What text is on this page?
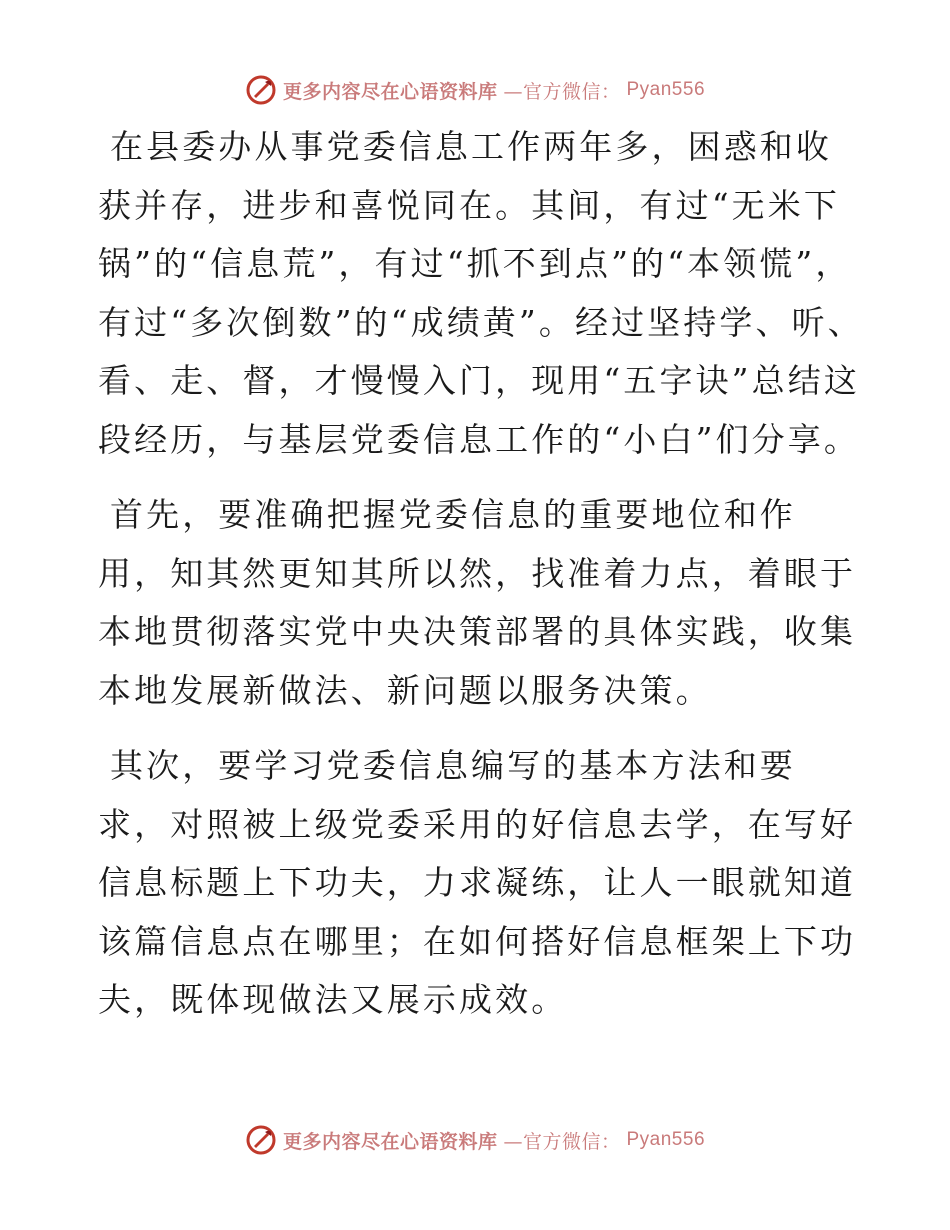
更多内容尽在心语资料库 —官方微信： Pyan556

在县委办从事党委信息工作两年多，困惑和收获并存，进步和喜悦同在。其间，有过“无米下锅”的“信息荒”，有过“抓不到点”的“本领慌”，有过“多次倒数”的“成绩黄”。经过坚持学、听、看、走、督，才慢慢入门，现用“五字诀”总结这段经历，与基层党委信息工作的“小白”们分享。

首先，要准确把握党委信息的重要地位和作用，知其然更知其所以然，找准着力点，着眼于本地贯彻落实党中央决策部署的具体实践，收集本地发展新做法、新问题以服务决策。

其次，要学习党委信息编写的基本方法和要求，对照被上级党委采用的好信息去学，在写好信息标题上下功夫，力求凝练，让人一眼就知道该篇信息点在哪里；在如何搭好信息框架上下功夫，既体现做法又展示成效。

更多内容尽在心语资料库 —官方微信： Pyan556
